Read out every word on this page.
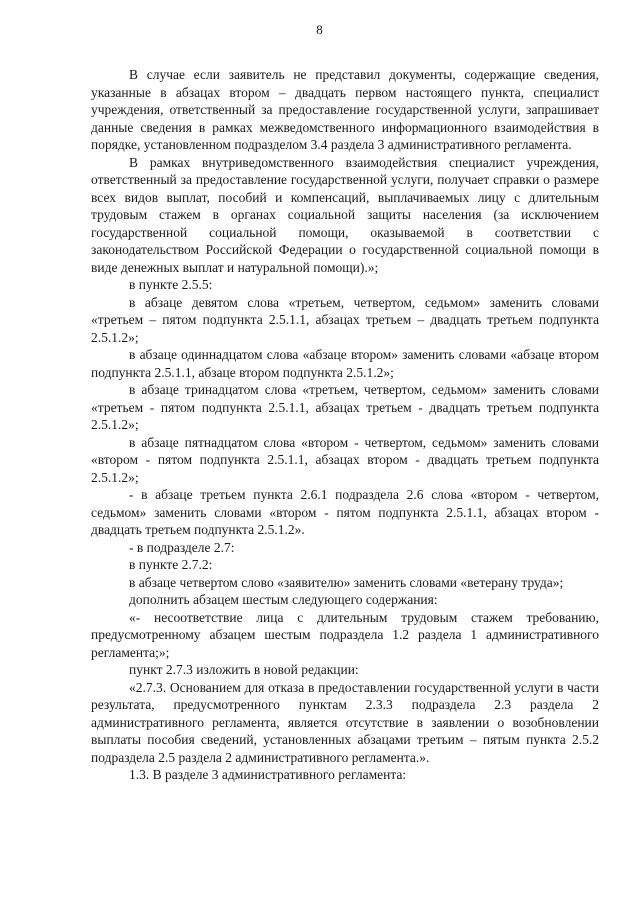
8

В случае если заявитель не представил документы, содержащие сведения, указанные в абзацах втором – двадцать первом настоящего пункта, специалист учреждения, ответственный за предоставление государственной услуги, запрашивает данные сведения в рамках межведомственного информационного взаимодействия в порядке, установленном подразделом 3.4 раздела 3 административного регламента.

В рамках внутриведомственного взаимодействия специалист учреждения, ответственный за предоставление государственной услуги, получает справки о размере всех видов выплат, пособий и компенсаций, выплачиваемых лицу с длительным трудовым стажем в органах социальной защиты населения (за исключением государственной социальной помощи, оказываемой в соответствии с законодательством Российской Федерации о государственной социальной помощи в виде денежных выплат и натуральной помощи).»;

в пункте 2.5.5:

в абзаце девятом слова «третьем, четвертом, седьмом» заменить словами «третьем – пятом подпункта 2.5.1.1, абзацах третьем – двадцать третьем подпункта 2.5.1.2»;

в абзаце одиннадцатом слова «абзаце втором» заменить словами «абзаце втором подпункта 2.5.1.1, абзаце втором подпункта 2.5.1.2»;

в абзаце тринадцатом слова «третьем, четвертом, седьмом» заменить словами «третьем - пятом подпункта 2.5.1.1, абзацах третьем - двадцать третьем подпункта 2.5.1.2»;

в абзаце пятнадцатом слова «втором - четвертом, седьмом» заменить словами «втором - пятом подпункта 2.5.1.1, абзацах втором - двадцать третьем подпункта 2.5.1.2»;

- в абзаце третьем пункта 2.6.1 подраздела 2.6 слова «втором - четвертом, седьмом» заменить словами «втором - пятом подпункта 2.5.1.1, абзацах втором - двадцать третьем подпункта 2.5.1.2».

- в подразделе 2.7:

в пункте 2.7.2:

в абзаце четвертом слово «заявителю» заменить словами «ветерану труда»;

дополнить абзацем шестым следующего содержания:

«- несоответствие лица с длительным трудовым стажем требованию, предусмотренному абзацем шестым подраздела 1.2 раздела 1 административного регламента;»;

пункт 2.7.3 изложить в новой редакции:

«2.7.3. Основанием для отказа в предоставлении государственной услуги в части результата, предусмотренного пунктам 2.3.3 подраздела 2.3 раздела 2 административного регламента, является отсутствие в заявлении о возобновлении выплаты пособия сведений, установленных абзацами третьим – пятым пункта 2.5.2 подраздела 2.5 раздела 2 административного регламента.».

1.3. В разделе 3 административного регламента:
